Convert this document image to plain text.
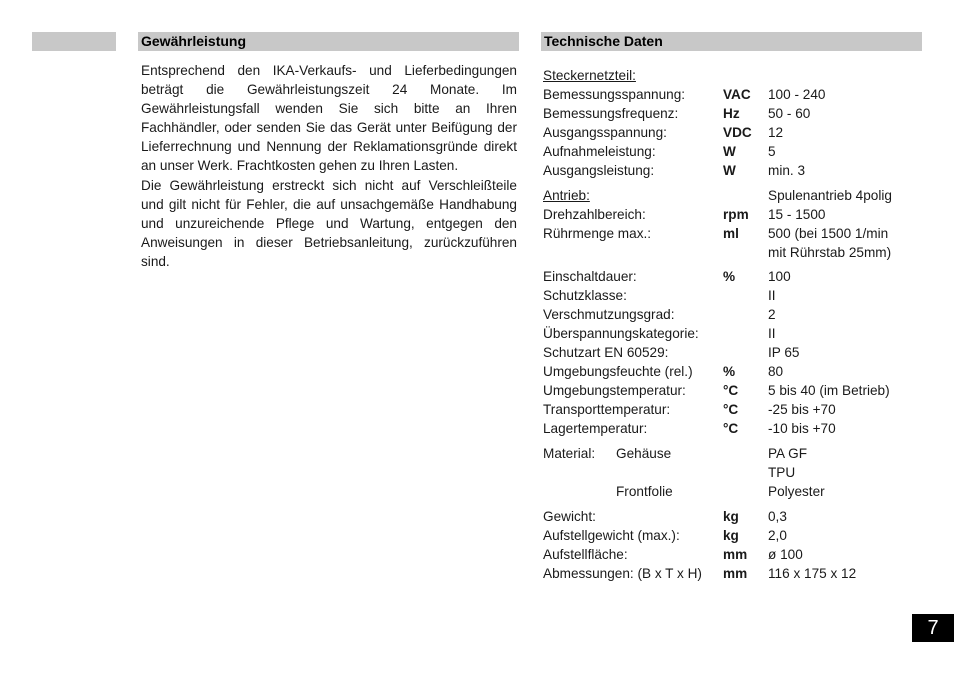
Gewährleistung	Technische Daten

Entsprechend den IKA-Verkaufs- und Lieferbedingungen beträgt die Gewährleistungszeit 24 Monate. Im Gewährleistungsfall wenden Sie sich bitte an Ihren Fachhändler, oder senden Sie das Gerät unter Beifügung der Lieferrechnung und Nennung der Reklamationsgründe direkt an unser Werk. Frachtkosten gehen zu Ihren Lasten.

Die Gewährleistung erstreckt sich nicht auf Verschleißteile und gilt nicht für Fehler, die auf unsachgemäße Handhabung und unzureichende Pflege und Wartung, entgegen den Anweisungen in dieser Betriebsanleitung, zurückzuführen sind.

Steckernetzteil:
Bemessungsspannung:	VAC 100 - 240
Bemessungsfrequenz:	Hz 50 - 60
Ausgangsspannung:	VDC 12
Aufnahmeleistung:	W 5
Ausgangsleistung:	W min. 3
Antrieb:	Spulenantrieb 4polig
Drehzahlbereich:	rpm 15 - 1500
Rührmenge max.:	ml 500 (bei 1500 1/min
mit Rührstab 25mm)
Einschaltdauer:	% 100
Schutzklasse:	II
Verschmutzungsgrad:	2
Überspannungskategorie:	II
Schutzart EN 60529:	IP 65
Umgebungsfeuchte (rel.) % 80
Umgebungstemperatur:	°C 5 bis 40 (im Betrieb)
Transporttemperatur:	°C -25 bis +70
Lagertemperatur:	°C -10 bis +70
Material: Gehäuse	PA GF
TPU
Frontfolie	Polyester
Gewicht:	kg 0,3
Aufstellgewicht (max.):	kg 2,0
Aufstellfläche:	mm ø 100
Abmessungen: (B x T x H) mm 116 x 175 x 12
7
